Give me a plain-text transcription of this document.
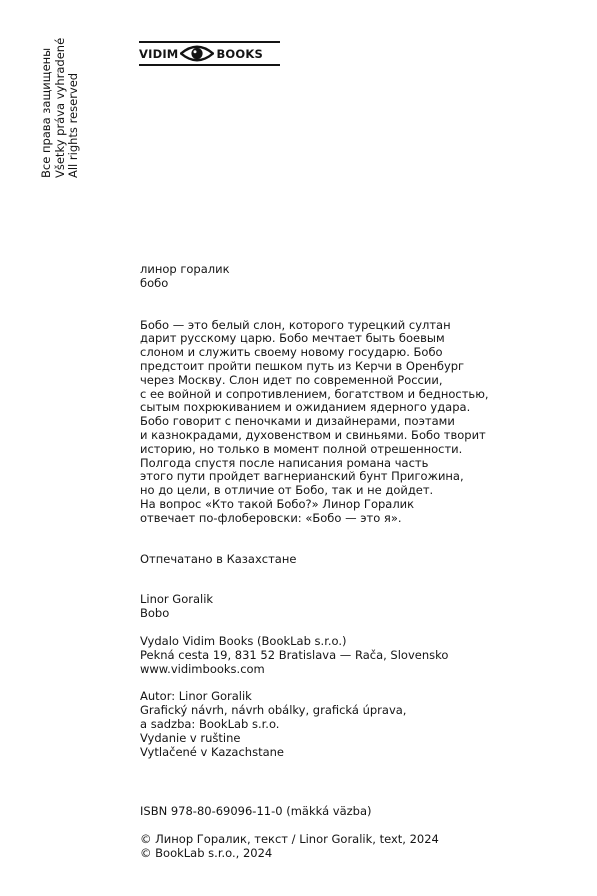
Все права защищены Všetky práva vyhradené All rights reserved
VIDIM	BOOKS

линор горалик

бобо

Бобо — это белый слон, которого турецкий султан

дарит русскому царю. Бобо мечтает быть боевым

слоном и служить своему новому государю. Бобо

предстоит пройти пешком путь из Керчи в Оренбург

через Москву. Слон идет по современной России,

с ее войной и сопротивлением, богатством и бедностью,

сытым похрюкиванием и ожиданием ядерного удара.

Бобо говорит с пеночками и дизайнерами, поэтами

и казнокрадами, духовенством и свиньями. Бобо творит

историю, но только в момент полной отрешенности.

Полгода спустя после написания романа часть

этого пути пройдет вагнерианский бунт Пригожина,

но до цели, в отличие от Бобо, так и не дойдет.

На вопрос «Кто такой Бобо?» Линор Горалик

отвечает по-флоберовски: «Бобо — это я».

Отпечатано в Казахстане

Linor Goralik

Bobo

Vydalo Vidim Books (BookLab s.r.o.)

Pekná cesta 19, 831 52 Bratislava — Rača, Slovensko

www.vidimbooks.com

Autor: Linor Goralik

Grafický návrh, návrh obálky, grafická úprava,

a sadzba: BookLab s.r.o.

Vydanie v ruštine

Vytlačené v Kazachstane

ISBN 978-80-69096-11-0 (mäkká väzba)

© Линор Горалик, текст / Linor Goralik, text, 2024

© BookLab s.r.o., 2024
